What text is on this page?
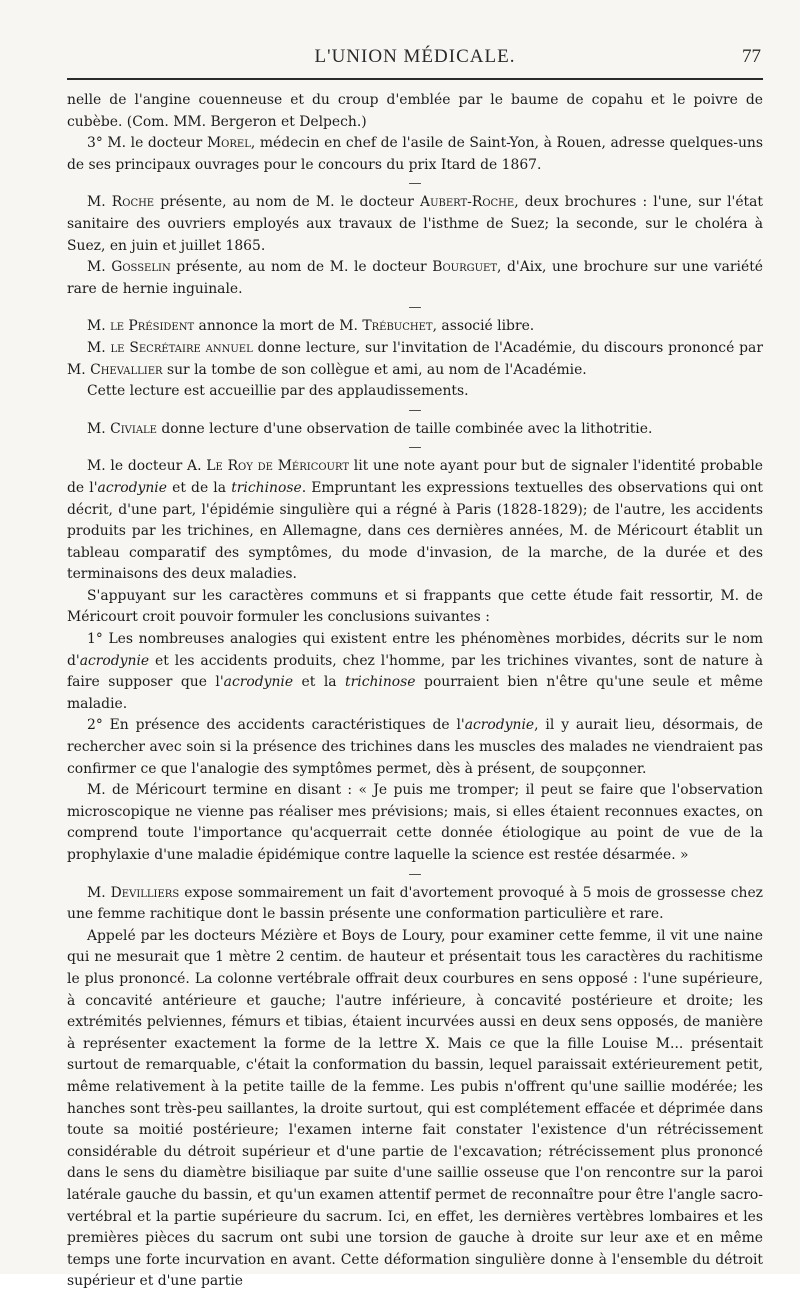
L'UNION MÉDICALE.	77

nelle de l'angine couenneuse et du croup d'emblée par le baume de copahu et le poivre de cubèbe. (Com. MM. Bergeron et Delpech.)

3° M. le docteur Morel, médecin en chef de l'asile de Saint-Yon, à Rouen, adresse quelques-uns de ses principaux ouvrages pour le concours du prix Itard de 1867.

—

M. Roche présente, au nom de M. le docteur Aubert-Roche, deux brochures : l'une, sur l'état sanitaire des ouvriers employés aux travaux de l'isthme de Suez; la seconde, sur le choléra à Suez, en juin et juillet 1865.

M. Gosselin présente, au nom de M. le docteur Bourguet, d'Aix, une brochure sur une variété rare de hernie inguinale.

—

M. le Président annonce la mort de M. Trébuchet, associé libre.

M. le Secrétaire annuel donne lecture, sur l'invitation de l'Académie, du discours prononcé par M. Chevallier sur la tombe de son collègue et ami, au nom de l'Académie.

Cette lecture est accueillie par des applaudissements.

—

M. Civiale donne lecture d'une observation de taille combinée avec la lithotritie.

—

M. le docteur A. Le Roy de Méricourt lit une note ayant pour but de signaler l'identité probable de l'acrodynie et de la trichinose. Empruntant les expressions textuelles des observations qui ont décrit, d'une part, l'épidémie singulière qui a régné à Paris (1828-1829); de l'autre, les accidents produits par les trichines, en Allemagne, dans ces dernières années, M. de Méricourt établit un tableau comparatif des symptômes, du mode d'invasion, de la marche, de la durée et des terminaisons des deux maladies.

S'appuyant sur les caractères communs et si frappants que cette étude fait ressortir, M. de Méricourt croit pouvoir formuler les conclusions suivantes :

1° Les nombreuses analogies qui existent entre les phénomènes morbides, décrits sur le nom d'acrodynie et les accidents produits, chez l'homme, par les trichines vivantes, sont de nature à faire supposer que l'acrodynie et la trichinose pourraient bien n'être qu'une seule et même maladie.

2° En présence des accidents caractéristiques de l'acrodynie, il y aurait lieu, désormais, de rechercher avec soin si la présence des trichines dans les muscles des malades ne viendraient pas confirmer ce que l'analogie des symptômes permet, dès à présent, de soupçonner.

M. de Méricourt termine en disant : « Je puis me tromper; il peut se faire que l'observation microscopique ne vienne pas réaliser mes prévisions; mais, si elles étaient reconnues exactes, on comprend toute l'importance qu'acquerrait cette donnée étiologique au point de vue de la prophylaxie d'une maladie épidémique contre laquelle la science est restée désarmée. »

—

M. Devilliers expose sommairement un fait d'avortement provoqué à 5 mois de grossesse chez une femme rachitique dont le bassin présente une conformation particulière et rare.

Appelé par les docteurs Mézière et Boys de Loury, pour examiner cette femme, il vit une naine qui ne mesurait que 1 mètre 2 centim. de hauteur et présentait tous les caractères du rachitisme le plus prononcé. La colonne vertébrale offrait deux courbures en sens opposé : l'une supérieure, à concavité antérieure et gauche; l'autre inférieure, à concavité postérieure et droite; les extrémités pelviennes, fémurs et tibias, étaient incurvées aussi en deux sens opposés, de manière à représenter exactement la forme de la lettre X. Mais ce que la fille Louise M... présentait surtout de remarquable, c'était la conformation du bassin, lequel paraissait extérieurement petit, même relativement à la petite taille de la femme. Les pubis n'offrent qu'une saillie modérée; les hanches sont très-peu saillantes, la droite surtout, qui est complétement effacée et déprimée dans toute sa moitié postérieure; l'examen interne fait constater l'existence d'un rétrécissement considérable du détroit supérieur et d'une partie de l'excavation; rétrécissement plus prononcé dans le sens du diamètre bisiliaque par suite d'une saillie osseuse que l'on rencontre sur la paroi latérale gauche du bassin, et qu'un examen attentif permet de reconnaître pour être l'angle sacro-vertébral et la partie supérieure du sacrum. Ici, en effet, les dernières vertèbres lombaires et les premières pièces du sacrum ont subi une torsion de gauche à droite sur leur axe et en même temps une forte incurvation en avant. Cette déformation singulière donne à l'ensemble du détroit supérieur et d'une partie
